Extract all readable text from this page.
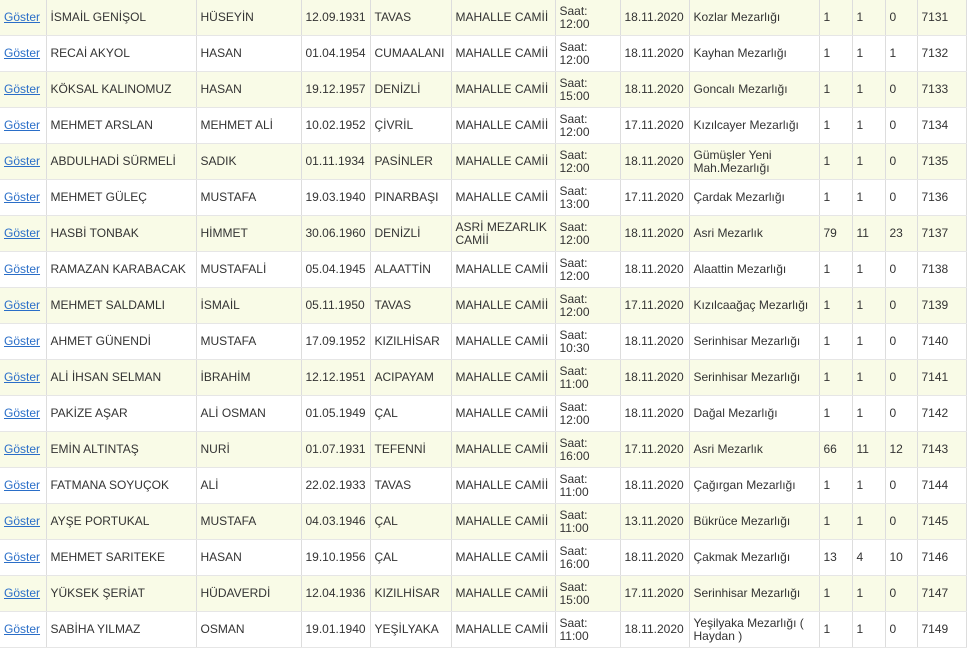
Göster	İSMAİL GENİŞOL	HÜSEYİN	12.09.1931	TAVAS	MAHALLE CAMİİ	Saat: 12:00	18.11.2020	Kozlar Mezarlığı	1	1	0	7131
Göster	RECAİ AKYOL	HASAN	01.04.1954	CUMAALANI	MAHALLE CAMİİ	Saat: 12:00	18.11.2020	Kayhan Mezarlığı	1	1	1	7132
Göster	KÖKSAL KALINOMUZ	HASAN	19.12.1957	DENİZLİ	MAHALLE CAMİİ	Saat: 15:00	18.11.2020	Goncalı Mezarlığı	1	1	0	7133
Göster	MEHMET ARSLAN	MEHMET ALİ	10.02.1952	ÇİVRİL	MAHALLE CAMİİ	Saat: 12:00	17.11.2020	Kızılcayer Mezarlığı	1	1	0	7134
Göster	ABDULHADİ SÜRMELİ	SADIK	01.11.1934	PASİNLER	MAHALLE CAMİİ	Saat: 12:00	18.11.2020	Gümüşler Yeni Mah.Mezarlığı	1	1	0	7135
Göster	MEHMET GÜLEÇ	MUSTAFA	19.03.1940	PINARBAŞI	MAHALLE CAMİİ	Saat: 13:00	17.11.2020	Çardak Mezarlığı	1	1	0	7136
Göster	HASBİ TONBAK	HİMMET	30.06.1960	DENİZLİ	ASRİ MEZARLIK CAMİİ	Saat: 12:00	18.11.2020	Asri Mezarlık	79	11	23	7137
Göster	RAMAZAN KARABACAK	MUSTAFALİ	05.04.1945	ALAATTİN	MAHALLE CAMİİ	Saat: 12:00	18.11.2020	Alaattin Mezarlığı	1	1	0	7138
Göster	MEHMET SALDAMLI	İSMAİL	05.11.1950	TAVAS	MAHALLE CAMİİ	Saat: 12:00	17.11.2020	Kızılcaağaç Mezarlığı	1	1	0	7139
Göster	AHMET GÜNENDİ	MUSTAFA	17.09.1952	KIZILHİSAR	MAHALLE CAMİİ	Saat: 10:30	18.11.2020	Serinhisar Mezarlığı	1	1	0	7140
Göster	ALİ İHSAN SELMAN	İBRAHİM	12.12.1951	ACIPAYAM	MAHALLE CAMİİ	Saat: 11:00	18.11.2020	Serinhisar Mezarlığı	1	1	0	7141
Göster	PAKİZE AŞAR	ALİ OSMAN	01.05.1949	ÇAL	MAHALLE CAMİİ	Saat: 12:00	18.11.2020	Dağal Mezarlığı	1	1	0	7142
Göster	EMİN ALTINTAŞ	NURİ	01.07.1931	TEFENNİ	MAHALLE CAMİİ	Saat: 16:00	17.11.2020	Asri Mezarlık	66	11	12	7143
Göster	FATMANA SOYUÇOK	ALİ	22.02.1933	TAVAS	MAHALLE CAMİİ	Saat: 11:00	18.11.2020	Çağırgan Mezarlığı	1	1	0	7144
Göster	AYŞE PORTUKAL	MUSTAFA	04.03.1946	ÇAL	MAHALLE CAMİİ	Saat: 11:00	13.11.2020	Bükrüce Mezarlığı	1	1	0	7145
Göster	MEHMET SARITEKE	HASAN	19.10.1956	ÇAL	MAHALLE CAMİİ	Saat: 16:00	18.11.2020	Çakmak Mezarlığı	13	4	10	7146
Göster	YÜKSEK ŞERİAT	HÜDAVERDİ	12.04.1936	KIZILHİSAR	MAHALLE CAMİİ	Saat: 15:00	17.11.2020	Serinhisar Mezarlığı	1	1	0	7147
Göster	SABİHA YILMAZ	OSMAN	19.01.1940	YEŞİLYAKA	MAHALLE CAMİİ	Saat: 11:00	18.11.2020	Yeşilyaka Mezarlığı ( Haydan )	1	1	0	7149
